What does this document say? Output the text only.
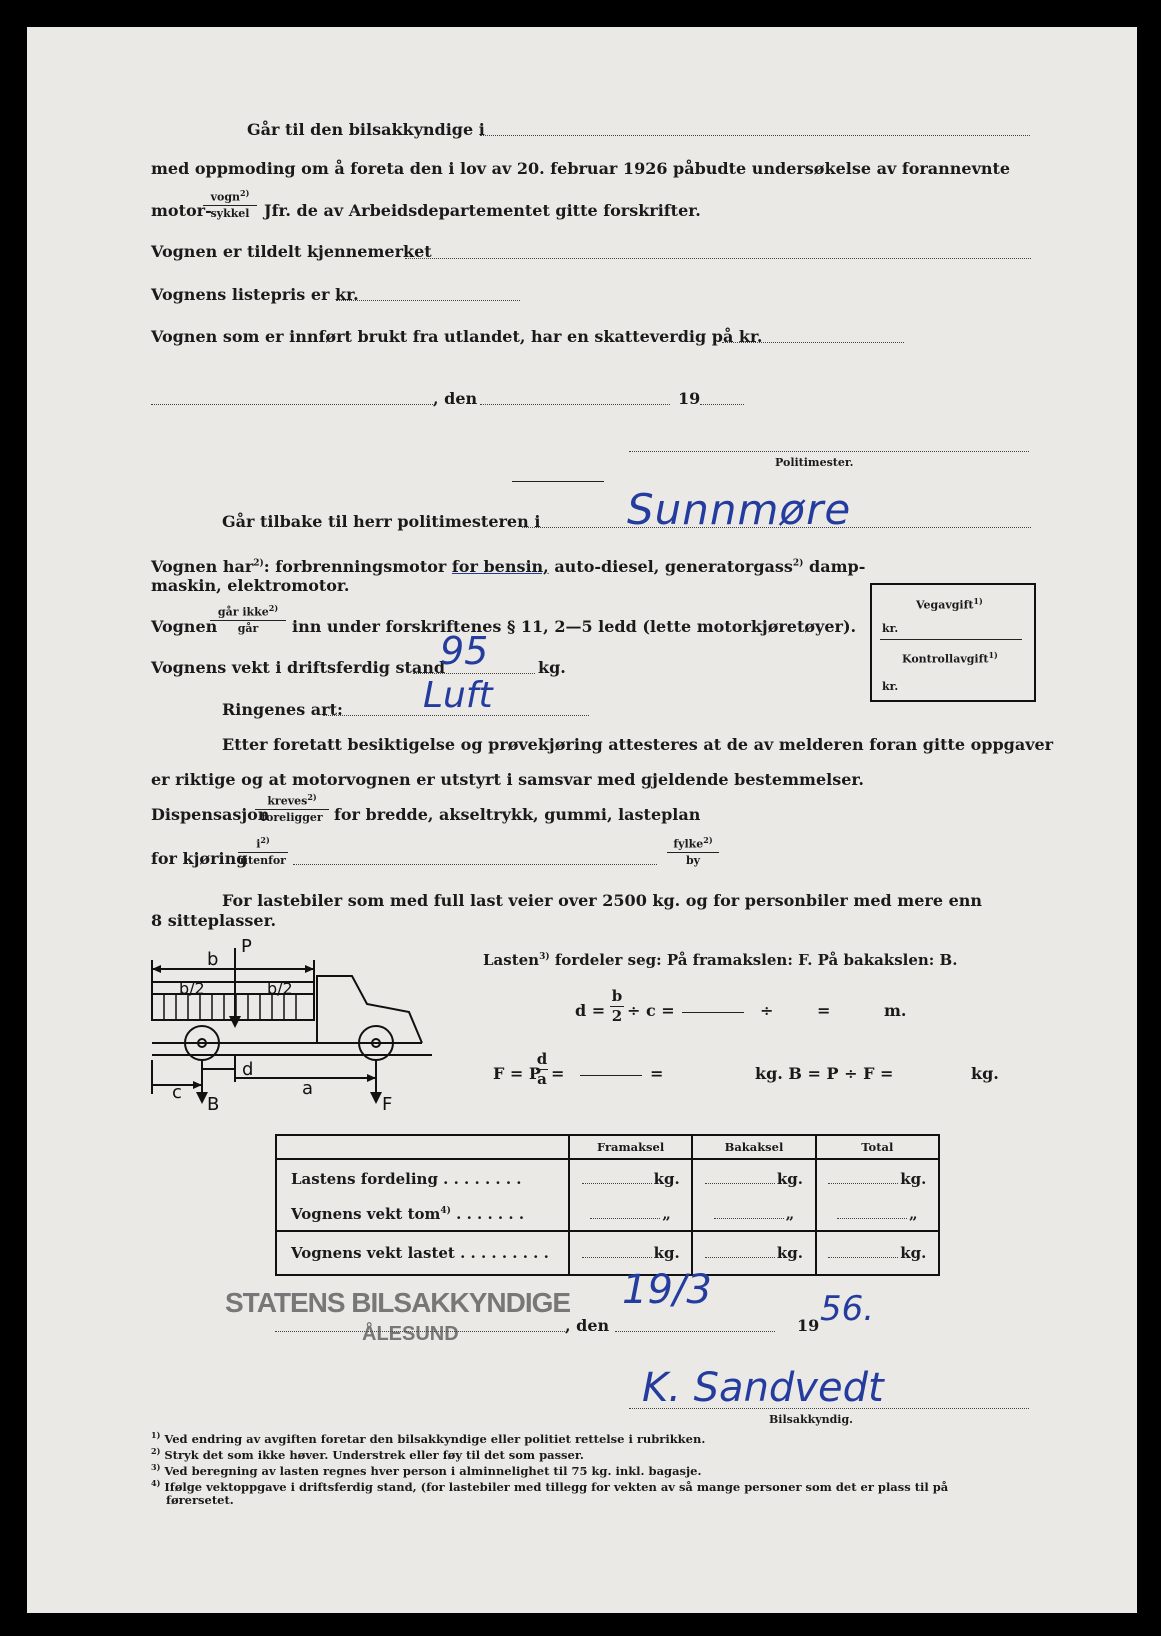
Går til den bilsakkyndige i
med oppmoding om å foreta den i lov av 20. februar 1926 påbudte undersøkelse av forannevnte
motor-
vogn$^{2)}$
sykkel Jfr. de av Arbeidsdepartementet gitte forskrifter.
Vognen er tildelt kjennemerket
Vognens listepris er kr.
Vognen som er innført brukt fra utlandet, har en skatteverdig på kr.
, den	19
Politimester.
Går tilbake til herr politimesteren i Sunnmøre
Vognen har$^{2)}$: forbrenningsmotor for bensin, auto-diesel, generatorgass$^{2)}$ damp-
maskin, elektromotor.
Vognen
går ikke$^{2)}$
går	inn under forskriftenes § 11, 2—5 ledd (lette motorkjøretøyer).
Vognens vekt i driftsferdig stand
95	kg.
Vegavgift$^{1)}$
kr.
Kontrollavgift$^{1)}$
kr.
Ringenes art: Luft
Etter foretatt besiktigelse og prøvekjøring attesteres at de av melderen foran gitte oppgaver
er riktige og at motorvognen er utstyrt i samsvar med gjeldende bestemmelser.
Dispensasjon
kreves$^{2)}$
foreligger for bredde, akseltrykk, gummi, lasteplan
for kjøring
$i^{2)}$
utenfor
fylke$^{2)}$
by
For lastebiler som med full last veier over 2500 kg. og for personbiler med mere enn
8 sitteplasser.
P
b
b/2	b/2
c
d
a
B	F
Lasten$^{3)}$ fordeler seg: På framakslen: F. På bakakslen: B.
d =
b
2 ÷ c =	÷	=	m.
F = P
d
a =	=	kg. B = P ÷ F =	kg.
	Framaksel	Bakaksel	Total
Lastens fordeling . . . . . . . .	kg.	kg.	kg.
Vognens vekt tom$^{4)}$ . . . . . . .	„	„	„
Vognens vekt lastet . . . . . . . . .	kg.	kg.	kg.
STATENS BILSAKKYNDIGE
ÅLESUND	, den
19/3
19 56.
K. Sandvedt
Bilsakkyndig.
$^{1)}$ Ved endring av avgiften foretar den bilsakkyndige eller politiet rettelse i rubrikken.
$^{2)}$ Stryk det som ikke høver. Understrek eller føy til det som passer.
$^{3)}$ Ved beregning av lasten regnes hver person i alminnelighet til 75 kg. inkl. bagasje.
$^{4)}$ Ifølge vektoppgave i driftsferdig stand, (for lastebiler med tillegg for vekten av så mange personer som det er plass til på
førersetet.
